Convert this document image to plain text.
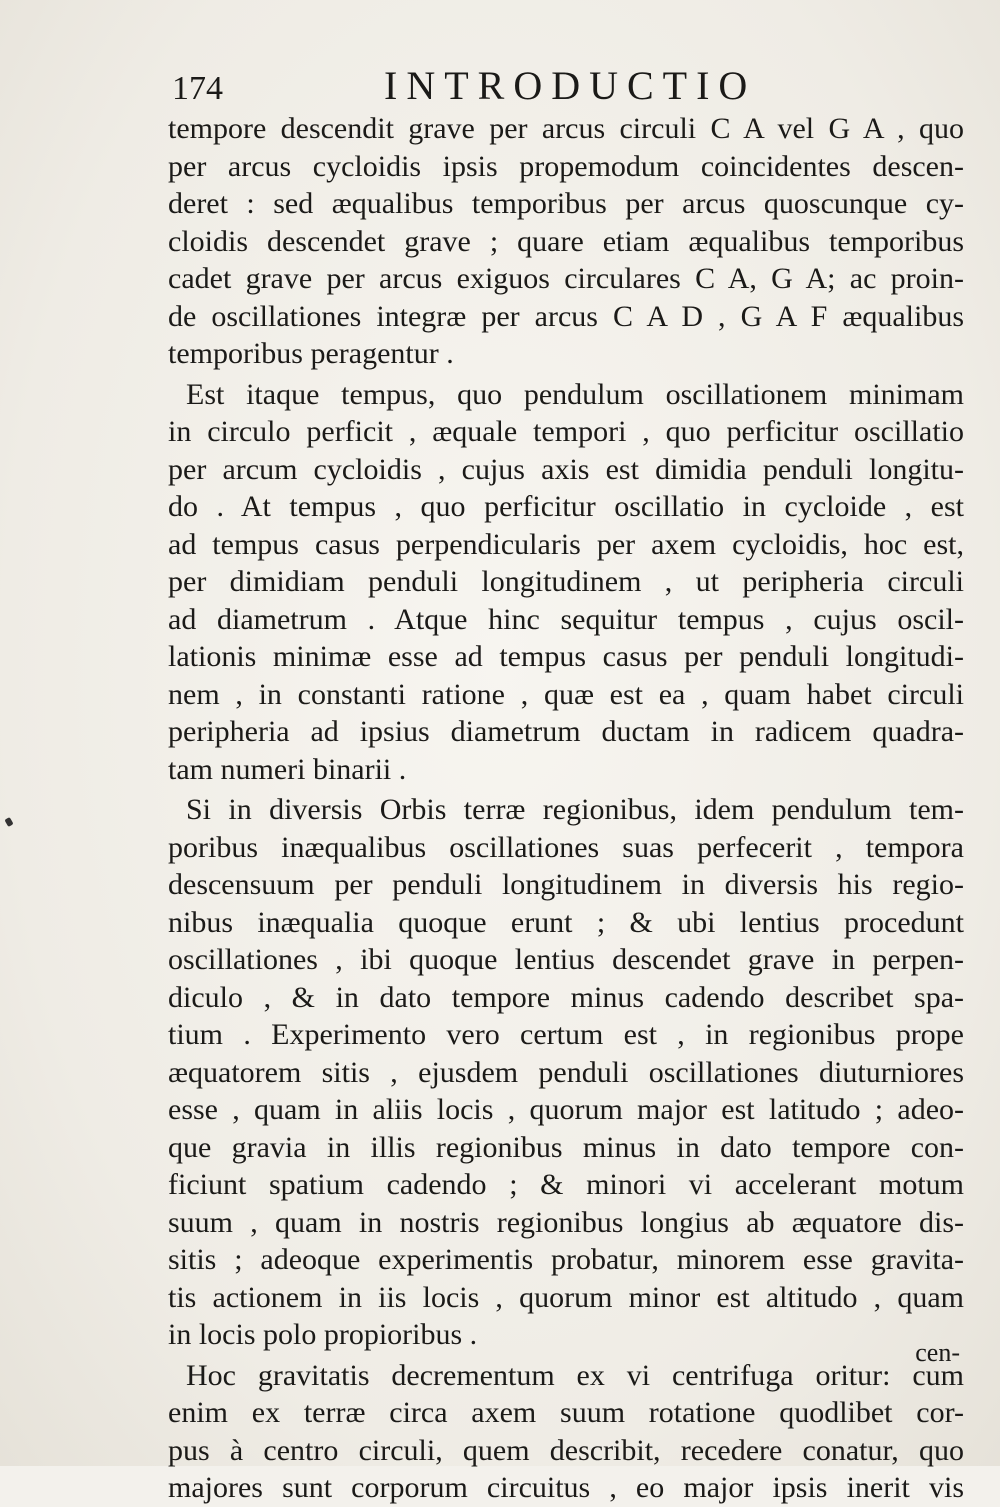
174	INTRODUCTIO
tempore descendit grave per arcus circuli C A vel G A , quo
per arcus cycloidis ipsis propemodum coincidentes descen-
deret : sed æqualibus temporibus per arcus quoscunque cy-
cloidis descendet grave ; quare etiam æqualibus temporibus
cadet grave per arcus exiguos circulares C A, G A; ac proin-
de oscillationes integræ per arcus C A D , G A F æqualibus
temporibus peragentur .
Est itaque tempus, quo pendulum oscillationem minimam
in circulo perficit , æquale tempori , quo perficitur oscillatio
per arcum cycloidis , cujus axis est dimidia penduli longitu-
do . At tempus , quo perficitur oscillatio in cycloide , est
ad tempus casus perpendicularis per axem cycloidis, hoc est,
per dimidiam penduli longitudinem , ut peripheria circuli
ad diametrum . Atque hinc sequitur tempus , cujus oscil-
lationis minimæ esse ad tempus casus per penduli longitudi-
nem , in constanti ratione , quæ est ea , quam habet circuli
peripheria ad ipsius diametrum ductam in radicem quadra-
tam numeri binarii .
Si in diversis Orbis terræ regionibus, idem pendulum tem-
poribus inæqualibus oscillationes suas perfecerit , tempora
descensuum per penduli longitudinem in diversis his regio-
nibus inæqualia quoque erunt ; & ubi lentius procedunt
oscillationes , ibi quoque lentius descendet grave in perpen-
diculo , & in dato tempore minus cadendo describet spa-
tium . Experimento vero certum est , in regionibus prope
æquatorem sitis , ejusdem penduli oscillationes diuturniores
esse , quam in aliis locis , quorum major est latitudo ; adeo-
que gravia in illis regionibus minus in dato tempore con-
ficiunt spatium cadendo ; & minori vi accelerant motum
suum , quam in nostris regionibus longius ab æquatore dis-
sitis ; adeoque experimentis probatur, minorem esse gravita-
tis actionem in iis locis , quorum minor est altitudo , quam
in locis polo propioribus .
Hoc gravitatis decrementum ex vi centrifuga oritur: cum
enim ex terræ circa axem suum rotatione quodlibet cor-
pus à centro circuli, quem describit, recedere conatur, quo
majores sunt corporum circuitus , eo major ipsis inerit vis
cen-
